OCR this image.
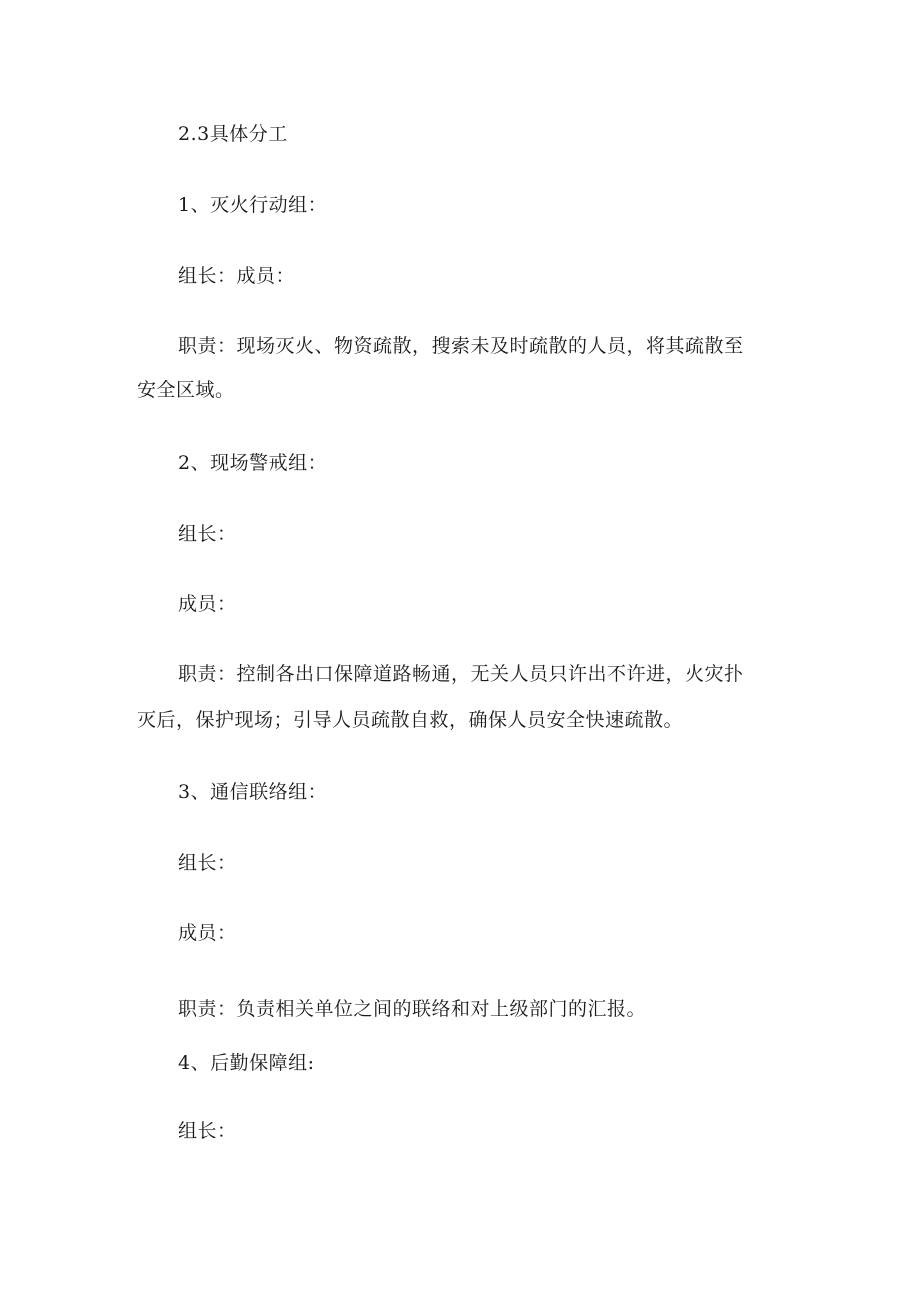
2.3具体分工
1、灭火行动组：
组长：成员：
职责：现场灭火、物资疏散，搜索未及时疏散的人员，将其疏散至
安全区域。
2、现场警戒组：
组长：
成员：
职责：控制各出口保障道路畅通，无关人员只许出不许进，火灾扑
灭后，保护现场；引导人员疏散自救，确保人员安全快速疏散。
3、通信联络组：
组长：
成员：
职责：负责相关单位之间的联络和对上级部门的汇报。
4、后勤保障组:
组长：
